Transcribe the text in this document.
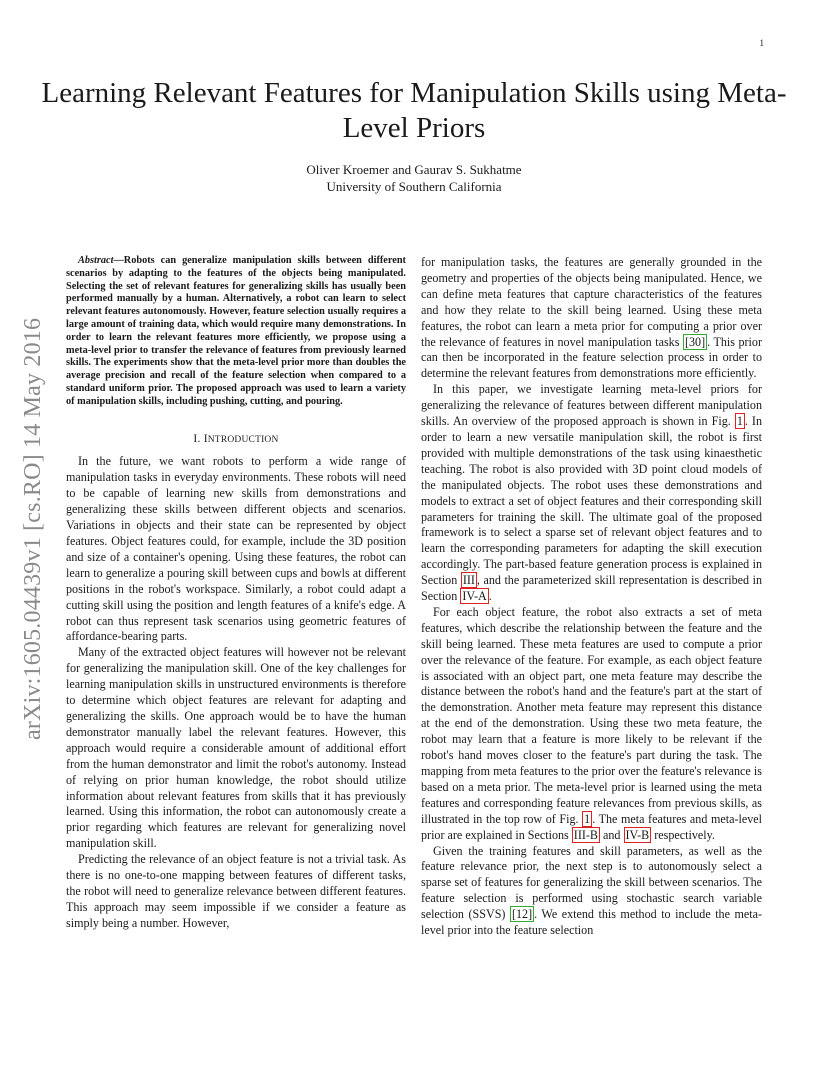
1
arXiv:1605.04439v1 [cs.RO] 14 May 2016
Learning Relevant Features for Manipulation Skills using Meta-Level Priors
Oliver Kroemer and Gaurav S. Sukhatme
University of Southern California

Abstract—Robots can generalize manipulation skills between different scenarios by adapting to the features of the objects being manipulated. Selecting the set of relevant features for generalizing skills has usually been performed manually by a human. Alternatively, a robot can learn to select relevant features autonomously. However, feature selection usually requires a large amount of training data, which would require many demonstrations. In order to learn the relevant features more efficiently, we propose using a meta-level prior to transfer the relevance of features from previously learned skills. The experiments show that the meta-level prior more than doubles the average precision and recall of the feature selection when compared to a standard uniform prior. The proposed approach was used to learn a variety of manipulation skills, including pushing, cutting, and pouring.

I. INTRODUCTION

In the future, we want robots to perform a wide range of manipulation tasks in everyday environments. These robots will need to be capable of learning new skills from demonstrations and generalizing these skills between different objects and scenarios. Variations in objects and their state can be represented by object features. Object features could, for example, include the 3D position and size of a container's opening. Using these features, the robot can learn to generalize a pouring skill between cups and bowls at different positions in the robot's workspace. Similarly, a robot could adapt a cutting skill using the position and length features of a knife's edge. A robot can thus represent task scenarios using geometric features of affordance-bearing parts.

Many of the extracted object features will however not be relevant for generalizing the manipulation skill. One of the key challenges for learning manipulation skills in unstructured environments is therefore to determine which object features are relevant for adapting and generalizing the skills. One approach would be to have the human demonstrator manually label the relevant features. However, this approach would require a considerable amount of additional effort from the human demonstrator and limit the robot's autonomy. Instead of relying on prior human knowledge, the robot should utilize information about relevant features from skills that it has previously learned. Using this information, the robot can autonomously create a prior regarding which features are relevant for generalizing novel manipulation skill.

Predicting the relevance of an object feature is not a trivial task. As there is no one-to-one mapping between features of different tasks, the robot will need to generalize relevance between different features. This approach may seem impossible if we consider a feature as simply being a number. However,

for manipulation tasks, the features are generally grounded in the geometry and properties of the objects being manipulated. Hence, we can define meta features that capture characteristics of the features and how they relate to the skill being learned. Using these meta features, the robot can learn a meta prior for computing a prior over the relevance of features in novel manipulation tasks [30] . This prior can then be incorporated in the feature selection process in order to determine the relevant features from demonstrations more efficiently.

In this paper, we investigate learning meta-level priors for generalizing the relevance of features between different manipulation skills. An overview of the proposed approach is shown in Fig. 1 . In order to learn a new versatile manipulation skill, the robot is first provided with multiple demonstrations of the task using kinaesthetic teaching. The robot is also provided with 3D point cloud models of the manipulated objects. The robot uses these demonstrations and models to extract a set of object features and their corresponding skill parameters for training the skill. The ultimate goal of the proposed framework is to select a sparse set of relevant object features and to learn the corresponding parameters for adapting the skill execution accordingly. The part-based feature generation process is explained in Section III , and the parameterized skill representation is described in Section IV-A .

For each object feature, the robot also extracts a set of meta features, which describe the relationship between the feature and the skill being learned. These meta features are used to compute a prior over the relevance of the feature. For example, as each object feature is associated with an object part, one meta feature may describe the distance between the robot's hand and the feature's part at the start of the demonstration. Another meta feature may represent this distance at the end of the demonstration. Using these two meta feature, the robot may learn that a feature is more likely to be relevant if the robot's hand moves closer to the feature's part during the task. The mapping from meta features to the prior over the feature's relevance is based on a meta prior. The meta-level prior is learned using the meta features and corresponding feature relevances from previous skills, as illustrated in the top row of Fig. 1 . The meta features and meta-level prior are explained in Sections III-B and IV-B respectively.

Given the training features and skill parameters, as well as the feature relevance prior, the next step is to autonomously select a sparse set of features for generalizing the skill between scenarios. The feature selection is performed using stochastic search variable selection (SSVS) [12] . We extend this method to include the meta-level prior into the feature selection
